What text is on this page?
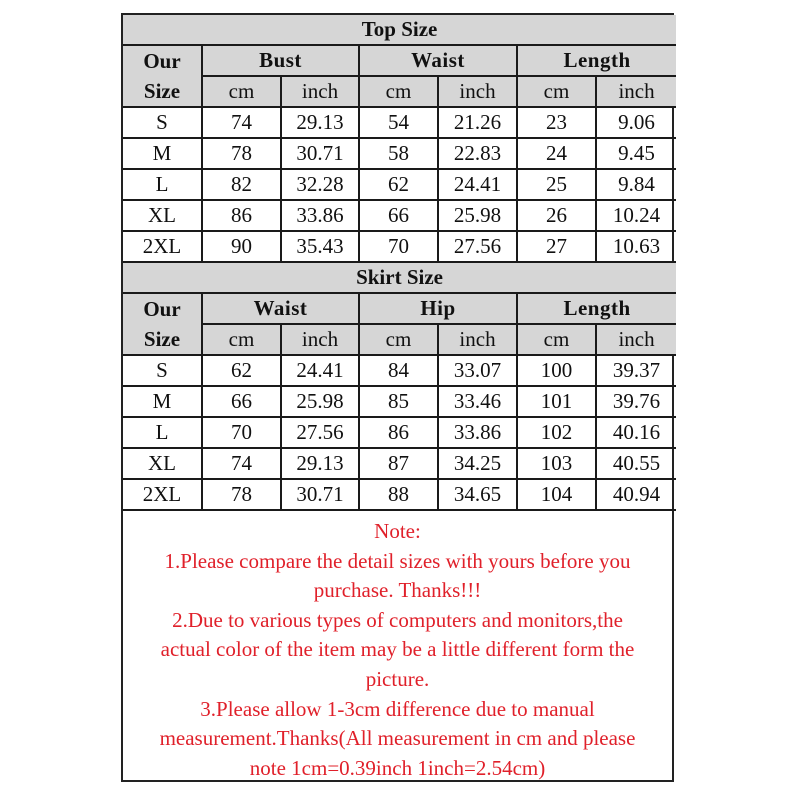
Top Size						
Our	Bust		Waist		Length	
Size	cm	inch	cm	inch	cm	inch
S	74	29.13	54	21.26	23	9.06
M	78	30.71	58	22.83	24	9.45
L	82	32.28	62	24.41	25	9.84
XL	86	33.86	66	25.98	26	10.24
2XL	90	35.43	70	27.56	27	10.63
Skirt Size						
Our	Waist		Hip		Length	
Size	cm	inch	cm	inch	cm	inch
S	62	24.41	84	33.07	100	39.37
M	66	25.98	85	33.46	101	39.76
L	70	27.56	86	33.86	102	40.16
XL	74	29.13	87	34.25	103	40.55
2XL	78	30.71	88	34.65	104	40.94
Note:
1.Please compare the detail sizes with yours before you
purchase. Thanks!!!
2.Due to various types of computers and monitors,the
actual color of the item may be a little different form the
picture.
3.Please allow 1-3cm difference due to manual
measurement.Thanks(All measurement in cm and please
note 1cm=0.39inch 1inch=2.54cm)
